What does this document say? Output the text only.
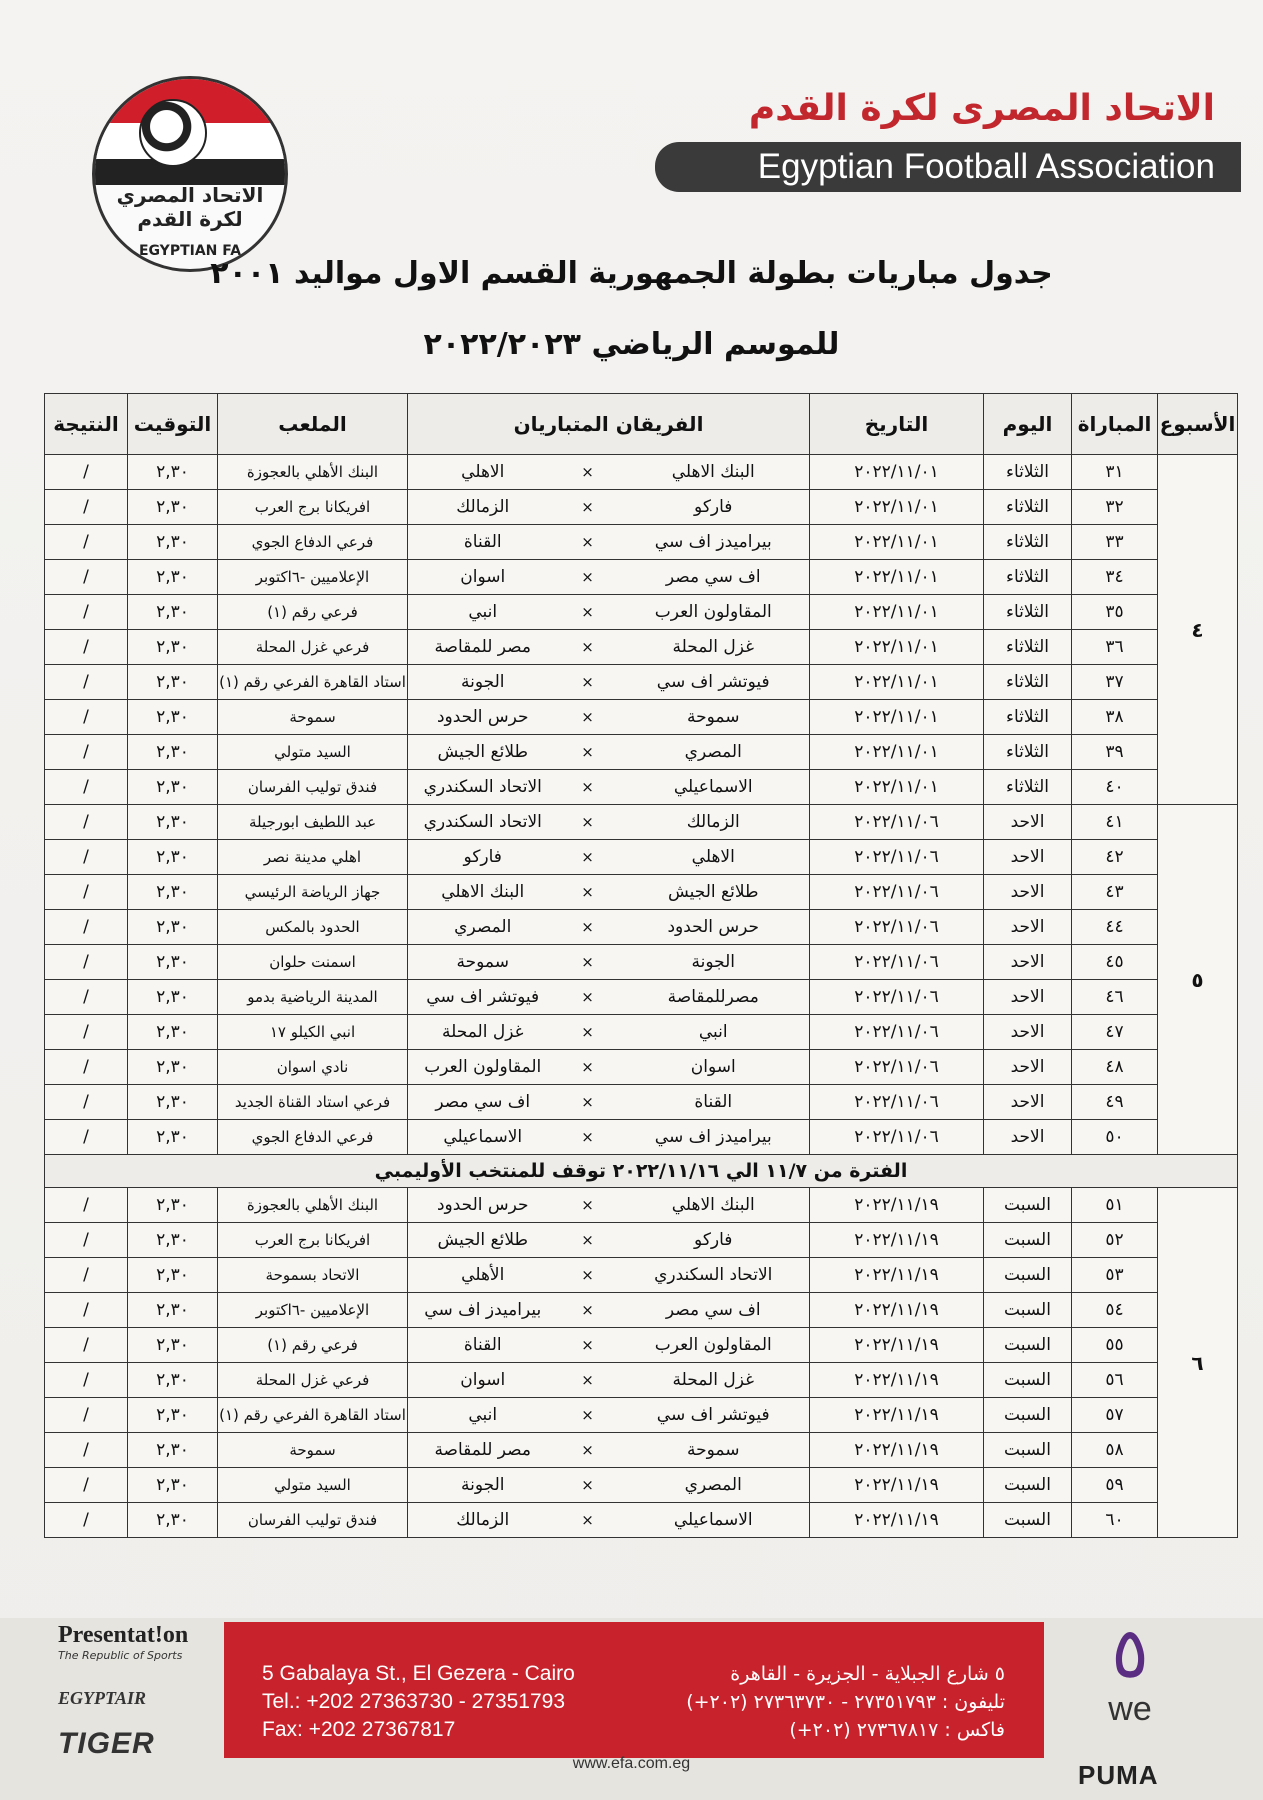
الاتحاد المصري
لكرة القدم
EGYPTIAN FA
الاتحاد المصرى لكرة القدم
Egyptian Football Association
جدول مباريات بطولة الجمهورية القسم الاول مواليد ٢٠٠١
للموسم الرياضي ٢٠٢٢/٢٠٢٣
الأسبوع	المباراة	اليوم	التاريخ	الفريقان المتباريان			الملعب	التوقيت	النتيجة
٤	٣١	الثلاثاء	٢٠٢٢/١١/٠١	البنك الاهلي	×	الاهلي	البنك الأهلي بالعجوزة	٢,٣٠	/
	٣٢	الثلاثاء	٢٠٢٢/١١/٠١	فاركو	×	الزمالك	افريكانا برج العرب	٢,٣٠	/
	٣٣	الثلاثاء	٢٠٢٢/١١/٠١	بيراميدز اف سي	×	القناة	فرعي الدفاع الجوي	٢,٣٠	/
	٣٤	الثلاثاء	٢٠٢٢/١١/٠١	اف سي مصر	×	اسوان	الإعلاميين -٦اكتوبر	٢,٣٠	/
	٣٥	الثلاثاء	٢٠٢٢/١١/٠١	المقاولون العرب	×	انبي	فرعي رقم (١)	٢,٣٠	/
	٣٦	الثلاثاء	٢٠٢٢/١١/٠١	غزل المحلة	×	مصر للمقاصة	فرعي غزل المحلة	٢,٣٠	/
	٣٧	الثلاثاء	٢٠٢٢/١١/٠١	فيوتشر اف سي	×	الجونة	استاد القاهرة الفرعي رقم (١)	٢,٣٠	/
	٣٨	الثلاثاء	٢٠٢٢/١١/٠١	سموحة	×	حرس الحدود	سموحة	٢,٣٠	/
	٣٩	الثلاثاء	٢٠٢٢/١١/٠١	المصري	×	طلائع الجيش	السيد متولي	٢,٣٠	/
	٤٠	الثلاثاء	٢٠٢٢/١١/٠١	الاسماعيلي	×	الاتحاد السكندري	فندق توليب الفرسان	٢,٣٠	/
٥	٤١	الاحد	٢٠٢٢/١١/٠٦	الزمالك	×	الاتحاد السكندري	عبد اللطيف ابورجيلة	٢,٣٠	/
	٤٢	الاحد	٢٠٢٢/١١/٠٦	الاهلي	×	فاركو	اهلي مدينة نصر	٢,٣٠	/
	٤٣	الاحد	٢٠٢٢/١١/٠٦	طلائع الجيش	×	البنك الاهلي	جهاز الرياضة الرئيسي	٢,٣٠	/
	٤٤	الاحد	٢٠٢٢/١١/٠٦	حرس الحدود	×	المصري	الحدود بالمكس	٢,٣٠	/
	٤٥	الاحد	٢٠٢٢/١١/٠٦	الجونة	×	سموحة	اسمنت حلوان	٢,٣٠	/
	٤٦	الاحد	٢٠٢٢/١١/٠٦	مصرللمقاصة	×	فيوتشر اف سي	المدينة الرياضية بدمو	٢,٣٠	/
	٤٧	الاحد	٢٠٢٢/١١/٠٦	انبي	×	غزل المحلة	انبي الكيلو ١٧	٢,٣٠	/
	٤٨	الاحد	٢٠٢٢/١١/٠٦	اسوان	×	المقاولون العرب	نادي اسوان	٢,٣٠	/
	٤٩	الاحد	٢٠٢٢/١١/٠٦	القناة	×	اف سي مصر	فرعي استاد القناة الجديد	٢,٣٠	/
	٥٠	الاحد	٢٠٢٢/١١/٠٦	بيراميدز اف سي	×	الاسماعيلي	فرعي الدفاع الجوي	٢,٣٠	/
الفترة من ١١/٧ الي ٢٠٢٢/١١/١٦ توقف للمنتخب الأوليمبي									
٦	٥١	السبت	٢٠٢٢/١١/١٩	البنك الاهلي	×	حرس الحدود	البنك الأهلي بالعجوزة	٢,٣٠	/
	٥٢	السبت	٢٠٢٢/١١/١٩	فاركو	×	طلائع الجيش	افريكانا برج العرب	٢,٣٠	/
	٥٣	السبت	٢٠٢٢/١١/١٩	الاتحاد السكندري	×	الأهلي	الاتحاد بسموحة	٢,٣٠	/
	٥٤	السبت	٢٠٢٢/١١/١٩	اف سي مصر	×	بيراميدز اف سي	الإعلاميين -٦اكتوبر	٢,٣٠	/
	٥٥	السبت	٢٠٢٢/١١/١٩	المقاولون العرب	×	القناة	فرعي رقم (١)	٢,٣٠	/
	٥٦	السبت	٢٠٢٢/١١/١٩	غزل المحلة	×	اسوان	فرعي غزل المحلة	٢,٣٠	/
	٥٧	السبت	٢٠٢٢/١١/١٩	فيوتشر اف سي	×	انبي	استاد القاهرة الفرعي رقم (١)	٢,٣٠	/
	٥٨	السبت	٢٠٢٢/١١/١٩	سموحة	×	مصر للمقاصة	سموحة	٢,٣٠	/
	٥٩	السبت	٢٠٢٢/١١/١٩	المصري	×	الجونة	السيد متولي	٢,٣٠	/
	٦٠	السبت	٢٠٢٢/١١/١٩	الاسماعيلي	×	الزمالك	فندق توليب الفرسان	٢,٣٠	/
Presentat!on
The Republic of Sports
EGYPTAIR
TIGER
5 Gabalaya St., El Gezera - Cairo
Tel.: +202 27363730 - 27351793
Fax: +202 27367817
٥ شارع الجبلاية - الجزيرة - القاهرة
تليفون : ٢٧٣٥١٧٩٣ - ٢٧٣٦٣٧٣٠ (٢٠٢+)
فاكس : ٢٧٣٦٧٨١٧ (٢٠٢+)
www.efa.com.eg
٥
we
PUMA
